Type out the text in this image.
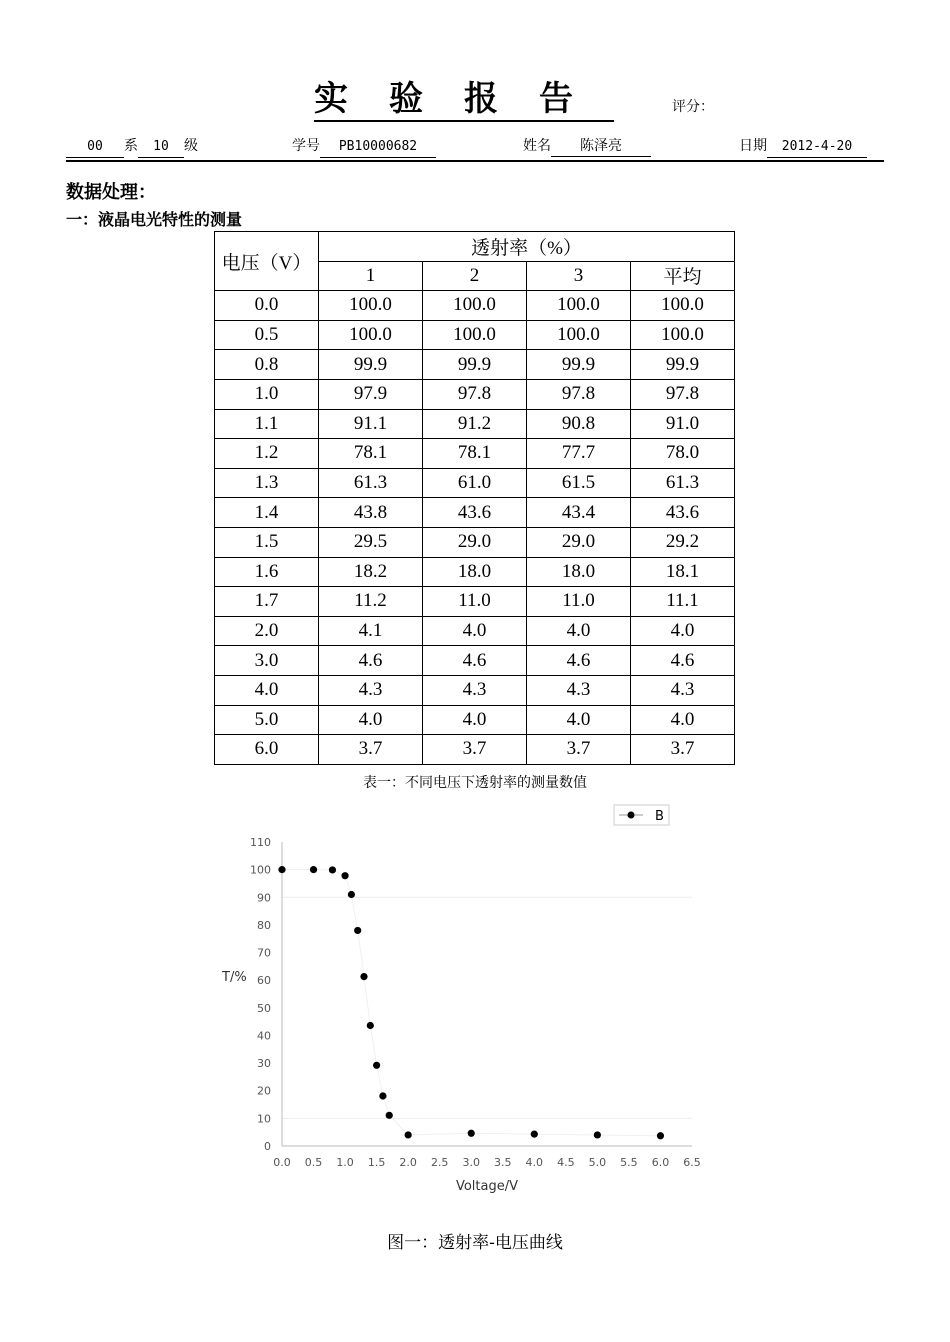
实 验 报 告	评分：
00 系 10 级	学号 PB10000682	姓名 陈泽亮	日期 2012-4-20
数据处理：
一：液晶电光特性的测量
电压（V）	透射率（%）			
	1	2	3	平均
0.0	100.0	100.0	100.0	100.0
0.5	100.0	100.0	100.0	100.0
0.8	99.9	99.9	99.9	99.9
1.0	97.9	97.8	97.8	97.8
1.1	91.1	91.2	90.8	91.0
1.2	78.1	78.1	77.7	78.0
1.3	61.3	61.0	61.5	61.3
1.4	43.8	43.6	43.4	43.6
1.5	29.5	29.0	29.0	29.2
1.6	18.2	18.0	18.0	18.1
1.7	11.2	11.0	11.0	11.1
2.0	4.1	4.0	4.0	4.0
3.0	4.6	4.6	4.6	4.6
4.0	4.3	4.3	4.3	4.3
5.0	4.0	4.0	4.0	4.0
6.0	3.7	3.7	3.7	3.7
表一：不同电压下透射率的测量数值
0
10
20
30
40
50
60
70
80
90
100
110
0.0 0.5 1.0 1.5 2.0 2.5 3.0 3.5 4.0 4.5 5.0 5.5 6.0 6.5
T/%
Voltage/V
B
图一：透射率-电压曲线
